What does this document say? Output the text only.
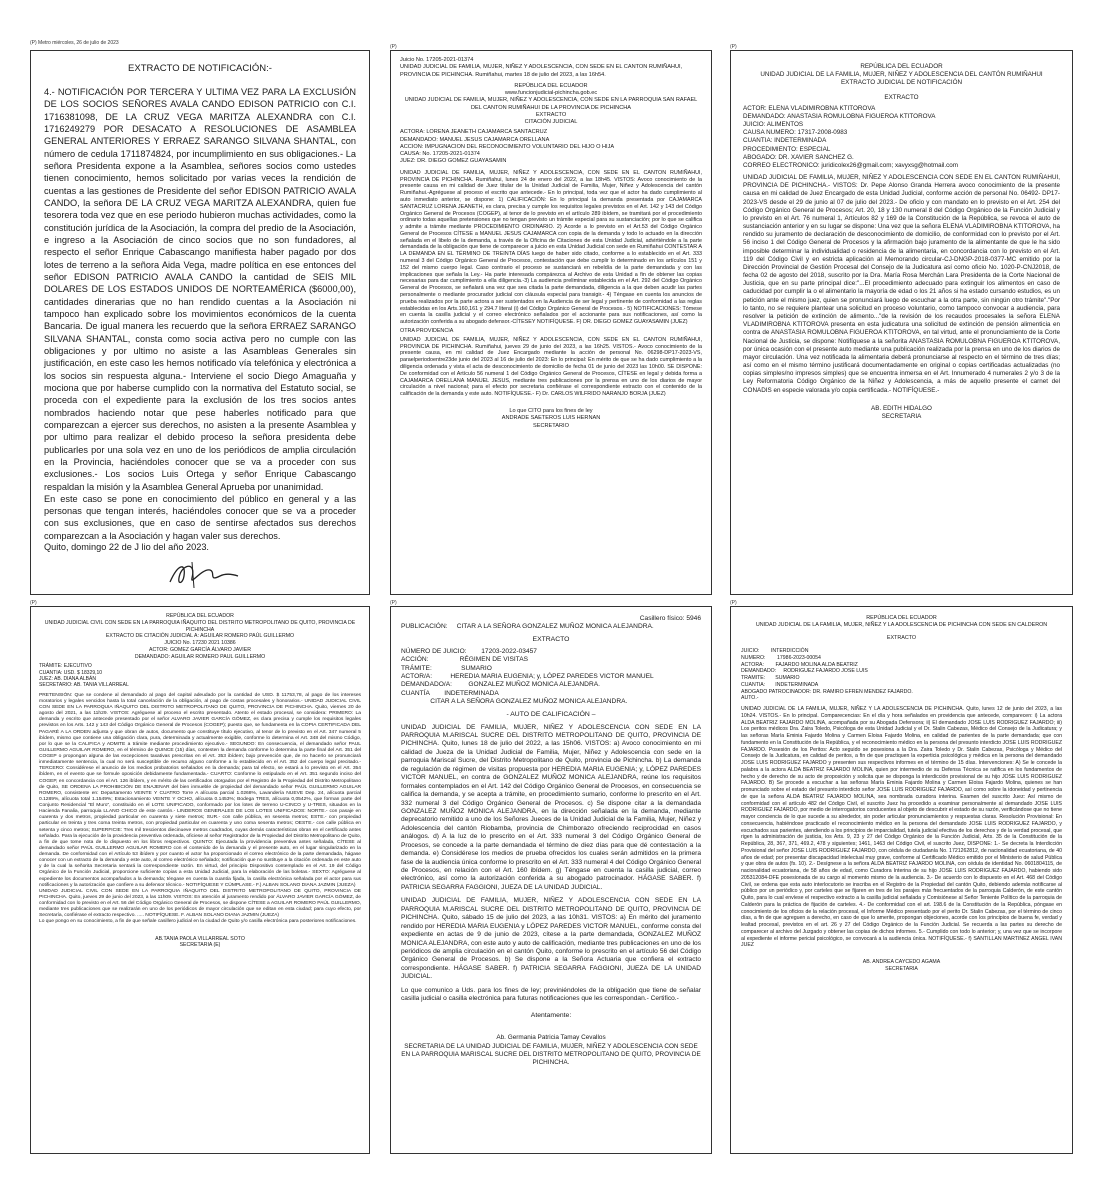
(P) Metro miércoles, 26 de julio de 2023
(P)	(P)
(P)	(P)	(P)
EXTRACTO DE NOTIFICACIÓN:-

4.- NOTIFICACIÓN POR TERCERA Y ULTIMA VEZ PARA LA EXCLUSIÓN DE LOS SOCIOS SEÑORES AVALA CANDO EDISON PATRICIO con C.I. 1716381098, DE LA CRUZ VEGA MARITZA ALEXANDRA con C.I. 1716249279 POR DESACATO A RESOLUCIONES DE ASAMBLEA GENERAL ANTERIORES Y ERRAEZ SARANGO SILVANA SHANTAL, con número de cedula 1711874824, por incumplimiento en sus obligaciones.- La señora Presidenta expone a la Asamblea, señores socios como ustedes tienen conocimiento, hemos solicitado por varias veces la rendición de cuentas a las gestiones de Presidente del señor EDISON PATRICIO AVALA CANDO, la señora DE LA CRUZ VEGA MARITZA ALEXANDRA, quien fue tesorera toda vez que en ese periodo hubieron muchas actividades, como la constitución jurídica de la Asociación, la compra del predio de la Asociación, e ingreso a la Asociación de cinco socios que no son fundadores, al respecto el señor Enrique Cabascango manifiesta haber pagado por dos lotes de terreno a la señora Aida Vega, madre política en ese entonces del señor EDISON PATRICIO AVALA CANDO la cantidad de SEIS MIL DOLARES DE LOS ESTADOS UNIDOS DE NORTEAMÉRICA ($6000,00), cantidades dinerarias que no han rendido cuentas a la Asociación ni tampoco han explicado sobre los movimientos económicos de la cuenta Bancaria. De igual manera les recuerdo que la señora ERRAEZ SARANGO SILVANA SHANTAL, consta como socia activa pero no cumple con las obligaciones y por ultimo no asiste a las Asambleas Generales sin justificación, en este caso les hemos notificado vía telefónica y electrónica a los socios sin respuesta alguna.- Interviene el socio Diego Amaguaña y mociona que por haberse cumplido con la normativa del Estatuto social, se proceda con el expediente para la exclusión de los tres socios antes nombrados haciendo notar que pese haberles notificado para que comparezcan a ejercer sus derechos, no asisten a la presente Asamblea y por ultimo para realizar el debido proceso la señora presidenta debe publicarles por una sola vez en uno de los periódicos de amplia circulación en la Provincia, haciéndoles conocer que se va a proceder con sus exclusiones.- Los socios Luis Ortega y señor Enrique Cabascango respaldan la misión y la Asamblea General Aprueba por unanimidad.
En este caso se pone en conocimiento del público en general y a las personas que tengan interés, haciéndoles conocer que se va a proceder con sus exclusiones, que en caso de sentirse afectados sus derechos comparezcan a la Asociación y hagan valer sus derechos.

Quito, domingo 22 de J lio del año 2023.

Juicio No. 17205-2021-01374
UNIDAD JUDICIAL DE FAMILIA, MUJER, NIÑEZ Y ADOLESCENCIA, CON SEDE EN EL CANTON RUMIÑAHUI, PROVINCIA DE PICHINCHA. Rumiñahui, martes 18 de julio del 2023, a las 16h54.
REPÚBLICA DEL ECUADOR
www.funcionjudicial-pichincha.gob.ec
UNIDAD JUDICIAL DE FAMILIA, MUJER, NIÑEZ Y ADOLESCENCIA, CON SEDE EN LA PARROQUIA SAN RAFAEL DEL CANTON RUMIÑAHUI DE LA PROVINCIA DE PICHINCHA
EXTRACTO
CITACIÓN JUDICIAL
ACTORA: LORENA JEANETH CAJAMARCA SANTACRUZ
DEMANDADO: MANUEL JESUS CAJAMARCA ORELLANA
ACCION: IMPUGNACION DEL RECONOCIMIENTO VOLUNTARIO DEL HIJO O HIJA
CAUSA: No. 17205-2021-01374
JUEZ: DR. DIEGO GOMEZ GUAYASAMIN

UNIDAD JUDICIAL DE FAMILIA, MUJER, NIÑEZ Y ADOLESCENCIA, CON SEDE EN EL CANTON RUMIÑAHUI, PROVINCIA DE PICHINCHA. Rumiñahui, lunes 24 de enero del 2022, a las 18h45. VISTOS: Avoco conocimiento de la presente causa en mi calidad de Juez titular de la Unidad Judicial de Familia, Mujer, Niñez y Adolescencia del cantón Rumiñahui.-Agréguese al proceso el escrito que antecede.- En lo principal, toda vez que el actor ha dado cumplimiento al auto inmediato anterior, se dispone: 1) CALIFICACIÓN: En lo principal la demanda presentada por CAJAMARCA SANTACRUZ LORENA JEANETH, es clara, precisa y cumple los requisitos legales previstos en el Art. 142 y 143 del Código Orgánico General de Procesos (COGEP), al tenor de lo previsto en el artículo 289 ibídem, se tramitará por el procedimiento ordinario todas aquellas pretensiones que no tengan previsto un trámite especial para su sustanciación; por lo que se califica y admite a trámite mediante PROCEDIMIENTO ORDINARIO. 2) Acorde a lo previsto en el Art.53 del Código Orgánico General de Procesos CÍTESE a MANUEL JESUS CAJAMARCA con copia de la demanda y todo lo actuado en la dirección señalada en el libelo de la demanda, a través de la Oficina de Citaciones de esta Unidad Judicial, advirtiéndole a la parte demandada de la obligación que tiene de comparecer a juicio en esta Unidad Judicial con sede en Rumiñahui CONTESTAR A LA DEMANDA EN EL TÉRMINO DE TREINTA DÍAS luego de haber sido citado, conforme a lo establecido en el Art. 333 numeral 3 del Código Orgánico General de Procesos, contestación que debe cumplir lo determinado en los artículos 151 y 152 del mismo cuerpo legal. Caso contrario el proceso se sustanciará en rebeldía de la parte demandada y con las implicaciones que señala la Ley.- Ha parte interesada compárezca al Archivo de esta Unidad a fin de obtener las copias necesarias para dar cumplimiento a ella diligencia.-3) La audiencia preliminar establecida en el Art. 292 del Código Orgánico General de Procesos, se señalará una vez que sea citada la parte demandada, diligencia a la que deben acudir las partes personalmente o mediante procurador judicial con cláusula especial para transigir.- 4) Téngase en cuenta los anuncios de prueba realizados por la parte actora a ser sustentados en la Audiencia de ser legal y pertinente de conformidad a las reglas establecidas en los Arts.160,161 y 294.7 literal (i) del Código Orgánico General de Procesos.- 5) NOTIFICACIONES: Tómese en cuenta la casilla judicial y el correo electrónico señalados por el accionante para sus notificaciones, así como la autorización conferida a su abogado defensor.-CÍTESEY NOTIFÍQUESE. F) DR. DIEGO GOMEZ GUAYASAMIN (JUEZ)

OTRA PROVIDENCIA

UNIDAD JUDICIAL DE FAMILIA, MUJER, NIÑEZ Y ADOLESCENCIA, CON SEDE EN EL CANTON RUMIÑAHUI, PROVINCIA DE PICHINCHA. Rumiñahui, jueves 29 de junio del 2023, a las 16h25. VISTOS.- Avoco conocimiento de la presente causa, en mi calidad de Juez Encargado mediante la acción de personal No. 06298-DP17-2023-VS, paraelperiodoentre23de junio del 2023 al 16 de julio del 2023: En lo principal: En mérito de que se ha dado cumplimiento a la diligencia ordenada y vista el acta de desconocimiento de domicilio de fecha 01 de junio del 2023 las 10h00. SE DISPONE: De conformidad con el Artículo 56 numeral 1 del Código Orgánico General de Procesos, CÍTESE en legal y debida forma a CAJAMARCA ORELLANA MANUEL JESUS, mediante tres publicaciones por la prensa en uno de los diarios de mayor circulación a nivel nacional; para el efecto por secretaria confiérase el correspondiente extracto con el contenido de la calificación de la demanda y este auto. NOTIFÍQUESE.- F) Dr. CARLOS WILFRIDO NARANJO BORJA (JUEZ)

Lo que CITO para los fines de ley
ANDRADE SAETEROS LUIS HERNAN
SECRETARIO
REPÚBLICA DEL ECUADOR
UNIDAD JUDICIAL DE LA FAMILIA, MUJER, NIÑEZ Y ADOLESCENCIA DEL CANTÓN RUMIÑAHUI
EXTRACTO JUDICIAL DE NOTIFICACIÓN
EXTRACTO
ACTOR: ELENA VLADIMIROBNA KTITOROVA
DEMANDADO: ANASTASIA ROMULOBNA FIGUEROA KTITOROVA
JUICIO: ALIMENTOS
CAUSA NUMERO: 17317-2008-0983
CUANTIA: INDETERMINADA
PROCEDIMIENTO: ESPECIAL
ABOGADO: DR. XAVIER SANCHEZ G.
CORREO ELECTRONICO: juridicolex26@gmail.com; xavyxsg@hotmail.com

UNIDAD JUDICIAL DE FAMILIA, MUJER, NIÑEZ Y ADOLESCENCIA CON SEDE EN EL CANTON RUMIÑAHUI, PROVINCIA DE PICHINCHA.- VISTOS: Dr. Pepe Alonso Granda Herrera avoco conocimiento de la presente causa en mi calidad de Juez Encargado de esta Unidad Judicial, conforme acción de personal No. 06492- DP17-2023-VS desde el 29 de junio al 07 de julio del 2023.- De oficio y con mandato en lo previsto en el Art. 254 del Código Orgánico General de Procesos; Art. 20, 18 y 130 numeral 8 del Código Orgánico de la Función Judicial y lo previsto en el Art. 76 numeral 1, Artículos 82 y 169 de la Constitución de la República, se revoca el auto de sustanciación anterior y en su lugar se dispone: Una vez que la señora ELENA VLADIMIROBNA KTITOROVA, ha rendido su juramento de declaración de desconocimiento de domicilio, de conformidad con lo previsto por el Art. 56 inciso 1 del Código General de Procesos y la afirmación bajo juramento de la alimentante de que le ha sido imposible determinar la individualidad o residencia de la alimentaria, en concordancia con lo previsto en el Art. 119 del Código Civil y en estricta aplicación al Memorando circular-CJ-DNGP-2018-0377-MC emitido por la Dirección Provincial de Gestión Procesal del Consejo de la Judicatura así como oficio No. 1020-P-CNJ2018, de fecha 02 de agosto del 2018, suscrito por la Dra. María Rosa Merchán Lara Presidenta de la Corte Nacional de Justicia, que en su parte principal dice:"...El procedimiento adecuado para extinguir los alimentos en caso de caducidad por cumplir la o el alimentario la mayoría de edad o los 21 años si ha estado cursando estudios, es un petición ante el mismo juez, quien se pronunciará luego de escuchar a la otra parte, sin ningún otro trámite"."Por lo tanto, no se requiere plantear una solicitud en proceso voluntario, como tampoco convocar a audiencia, para resolver la petición de extinción de alimento..."de la revisión de los recaudos procesales la señora ELENA VLADIMIROBNA KTITOROVA presenta en esta judicatura una solicitud de extinción de pensión alimenticia en contra de ANASTASIA ROMULOBNA FIGUEROA KTITOROVA, en tal virtud, ante el pronunciamiento de la Corte Nacional de Justicia, se dispone: Notifíquese a la señorita ANASTASIA ROMULOBNA FIGUEROA KTITOROVA, por única ocasión con el presente auto mediante una publicación realizada por la prensa en uno de los diarios de mayor circulación. Una vez notificada la alimentaria deberá pronunciarse al respecto en el término de tres días; así como en el mismo término justificará documentadamente en original o copias certificadas actualizadas (no copias simples/no impresos simples) que se encuentra inmersa en el Art. Innumerado 4 numerales 2 y/o 3 de la Ley Reformatoria Código Orgánico de la Niñez y Adolescencia, a más de aquello presente el carnet del CONADIS en especie valorada y/o copia certificada.- NOTIFÍQUESE.-

AB. EDITH HIDALGO
SECRETARIA
REPÚBLICA DEL ECUADOR
UNIDAD JUDICIAL CIVIL CON SEDE EN LA PARROQUIA IÑAQUITO DEL DISTRITO METROPOLITANO DE QUITO, PROVINCIA DE PICHINCHA
EXTRACTO DE CITACIÓN JUDICIAL A: AGUILAR ROMERO PAÚL GUILLERMO
JUICIO No. 17230 2021 10386
ACTOR: GOMEZ GARCÍA ÁLVARO JAVIER
DEMANDADO: AGUILAR ROMERO PAUL GUILLERMO
TRÁMITE: EJECUTIVO
CUANTIA: USD. $ 18329,10
JUEZ: AB. DIANA ALBÁN
SECRETARIO: AB. TANIA VILLARREAL

PRETENSIÓN: Que se condene al demandado al pago del capital adeudado por la cantidad de USD. $ 11753,78, al pago de los intereses moratorios y legales vencidos hasta la total cancelación de la obligación, al pago de costas procesales y honorarios.- UNIDAD JUDICIAL CIVIL CON SEDE EN LA PARROQUIA IÑAQUITO DEL DISTRITO METROPOLITANO DE QUITO, PROVINCIA DE PICHINCHA. Quito, viernes 20 de agosto del 2021, a las 11h29. VISTOS: Agréguese al proceso el escrito presentado. Atento el estado procesal, se considera: PRIMERO: La demanda y escrito que antecede presentado por el señor ALVARO JAVIER GARCÍA GÓMEZ, es clara precisa y cumple los requisitos legales previstos en los Arts. 142 y 143 del Código Orgánico General de Procesos (COGEP); puesto que, se fundamenta en la COPIA CERTIFICADA DEL PAGARÉ A LA ORDEN adjunta y que obran de autos, documento que constituye título ejecutivo, al tenor de lo previsto en el Art. 347 numeral 5 ibídem, mismo que contiene una obligación clara, pura, determinada y actualmente exigible, conforme lo determina el Art. 348 del mismo Código, por lo que se la CALIFICA y ADMITE a trámite mediante procedimiento ejecutivo.- SEGUNDO: En consecuencia, el demandado señor PAUL GUILLERMO AGUILAR ROMERO, en el término de QUINCE (15) días, contesten la demanda conforme lo determina la parte final del Art. 351 del COGEP o propongan alguna de las excepciones taxativas prescritas en el Art. 353 ibídem; bajo prevención que, de no hacerlo se pronunciará inmediatamente sentencia, la cual no será susceptible de recurso alguno conforme a lo establecido en el Art. 352 del cuerpo legal precitado.- TERCERO: Considérese el anuncio de los medios probatorios señalados en la demanda; para tal efecto, se estará a lo previsto en el Art. 354 ibídem, en el evento que se formule oposición debidamente fundamentada.- CUARTO: Conforme lo estipulado en el Art. 351 segundo inciso del COGEP, en concordancia con el Art. 126 ibídem, y en mérito de las certificados otorgados por el Registro de la Propiedad del Distrito Metropolitano de Quito, SE ORDENA LA PROHIBICIÓN DE ENAJENAR del bien inmueble de propiedad del demandado señor PAÚL GUILLERMO AGUILAR ROMERO, consistente en: Departamento VEINTE Y CUATRO Torre A alícuota parcial 1.0268%, Lavandería NUEVE Dep. 24, alícuota parcial 0.1289%, alícuota total 1.1549%; Estacionamiento VEINTE Y OCHO, alícuota 0.1453%; Bodega TRES, alícuota 0,0542%, que forman parte del Conjunto Residencial "El Muro", constituido en el LOTE UNIFICADO, conformado por los lotes de terreno U-CINCO y U-TRES, situados en la Hacienda Fanalia, parroquia LLANO CHICO de este cantón.- LINDEROS GENERALES DE LOS LOTES UNIFICADOS: NORTE.- con pasaje en cuarenta y dos metros, propiedad particular en cuarenta y siete metros; SUR.- con calle pública, en sesenta metros; ESTE.- con propiedad particular en treinta y tres coma treinta metros, con propiedad particular en cuarenta y uno coma sesenta metros; OESTE.- con calle pública en setenta y cinco metros; SUPERFICIE: Tres mil trescientos diecinueve metros cuadrados, cuyas demás características obran en el certificado antes señalado. Para la ejecución de la providencia preventiva ordenada, oficiese al señor Registrador de la Propiedad del Distrito Metropolitano de Quito, a fin de que tome nota de lo dispuesto en los libros respectivos. QUINTO: Ejecutada la providencia preventiva antes señalada, CÍTESE al demandado señor PAÚL GUILLERMO AGUILAR ROMERO con el contenido de la demanda y el presente auto, en el lugar singularizado en la demanda. De conformidad con el Artículo 53 ibídem y por cuanto el actor ha proporcionado el correo electrónico de la parte demandada, hágase conocer con un extracto de la demanda y este auto, al correo electrónico señalado; notificación que no sustituye a la citación ordenada en este auto y de la cual la señorita Secretaria sentará la correspondiente razón. En virtud, del principio Dispositivo contemplado en el Art. 19 del Código Orgánico de la Función Judicial, proporcione suficiente copias a esta Unidad Judicial, para la elaboración de las boletas.- SEXTO: Agréguese al expediente los documentos acompañados a la demanda; téngase en cuenta la cuantía fijada, la casilla electrónica señalada por el actor para sus notificaciones y la autorización que confiere a su defensor técnico.- NOTIFÍQUESE Y CÚMPLASE.- F.) ALBAN SOLANO DIANA JAZMIN (JUEZA)
UNIDAD JUDICIAL CIVIL CON SEDE EN LA PARROQUIA IÑAQUITO DEL DISTRITO METROPOLITANO DE QUITO, PROVINCIA DE PICHINCHA. Quito, jueves 29 de junio del 2023, a las 11h09. VISTOS: En atención al juramento rendido por ÁLVARO JAVIER GARCÍA GÓMEZ, de conformidad con lo previsto en el Art. 56 del Código Orgánico General de Procesos, se dispone CÍTESE a AGUILAR ROMERO PAÚL GUILLERMO, mediante tres publicaciones que se realizarán en uno de los periódicos de mayor circulación que se editan en esta ciudad; para cuyo efecto, por Secretaría, confiérase el extracto respectivo. ..... NOTIFÍQUESE. F. ALBAN SOLANO DIANA JAZMIN (JUEZA)
Lo que pongo en su conocimiento, a fin de que señale casillero judicial en la ciudad de Quito y/o casilla electrónica para posteriores notificaciones.

AB.TANIA PAOLA VILLARREAL SOTO
SECRETARIA (E)
Casillero físico: 5946
PUBLICACIÓN:     CITAR A LA SEÑORA GONZALEZ MUÑOZ MONICA ALEJANDRA.
EXTRACTO
NÚMERO DE JUICIO:        17203-2022-03457
ACCIÓN:                 RÉGIMEN DE VISITAS
TRÁMITE:                SUMARIO
ACTOR/A:          HEREDIA MARIA EUGENIA; y, LÓPEZ PAREDES VICTOR MANUEL
DEMANDADO/A:         GONZALEZ MUÑOZ MONICA ALEJANDRA.
CUANTÍA        INDETERMINADA
CITAR A LA SEÑORA GONZALEZ MUÑOZ MONICA ALEJANDRA.
- AUTO DE CALIFICACIÓN –

UNIDAD JUDICIAL DE FAMILIA, MUJER, NIÑEZ Y ADOLESCENCIA CON SEDE EN LA PARROQUIA M.ARISCAL SUCRE DEL DISTRITO METROPOLITANO DE QUITO, PROVINCIA DE PICHINCHA. Quito, lunes 18 de julio del 2022, a las 15h06. VISTOS: a) Avoco conocimiento en mi calidad de Jueza de la Unidad Judicial de Familia, Mujer, Niñez y Adolescencia con sede en la parroquia Mariscal Sucre, del Distrito Metropolitano de Quito, provincia de Pichincha. b) La demanda de regulación de régimen de visitas propuesta por HEREDIA MARIA EUGENIA; y, LÓPEZ PAREDES VICTOR MANUEL, en contra de GONZALEZ MUÑOZ MONICA ALEJANDRA, reúne los requisitos formales contemplados en el Art. 142 del Código Orgánico General de Procesos, en consecuencia se califica la demanda, y se acepta a trámite, en procedimiento sumario, conforme lo prescrito en el Art. 332 numeral 3 del Código Orgánico General de Procesos. c) Se dispone citar a la demandada GONZALEZ MUÑOZ MONICA ALEJANDRA, en la dirección señalada en la demanda, mediante deprecatorio remitido a uno de los Señores Jueces de la Unidad Judicial de la Familia, Mujer, Niñez y Adolescencia del cantón Riobamba, provincia de Chimborazo ofreciendo reciprocidad en casos análogos. d) A la luz de lo prescrito en el Art. 333 numeral 3 del Código Orgánico General de Procesos, se concede a la parte demandada el término de diez días para que dé contestación a la demanda. e) Considérese los medios de prueba ofrecidos los cuales serán admitidos en la primera fase de la audiencia única conforme lo prescrito en el Art. 333 numeral 4 del Código Orgánico General de Procesos, en relación con el Art. 160 ibídem. g) Téngase en cuenta la casilla judicial, correo electrónico, así como la autorización conferida a su abogado patrocinador. HÁGASE SABER. f) PATRICIA SEGARRA FAGGIONI, JUEZA DE LA UNIDAD JUDICIAL.

UNIDAD JUDICIAL DE FAMILIA, MUJER, NIÑEZ Y ADOLESCENCIA CON SEDE EN LA PARROQUIA M.ARISCAL SUCRE DEL DISTRITO METROPOLITANO DE QUITO, PROVINCIA DE PICHINCHA. Quito, sábado 15 de julio del 2023, a las 10h31. VISTOS: a) En mérito del juramento rendido por HEREDIA MARIA EUGENIA y LÓPEZ PAREDES VICTOR MANUEL, conforme consta del expediente en actas de 9 de junio de 2023, cítese a la parte demandada, GONZALEZ MUÑOZ MONICA ALEJANDRA, con este auto y auto de calificación, mediante tres publicaciones en uno de los periódicos de amplia circulación en el cantón Quito, conforme lo prescrito en el artículo 56 del Código Orgánico General de Procesos. b) Se dispone a la Señora Actuaria que confiera el extracto correspondiente. HÁGASE SABER. f) PATRICIA SEGARRA FAGGIONI, JUEZA DE LA UNIDAD JUDICIAL.

Lo que comunico a Uds. para los fines de ley; previniéndoles de la obligación que tiene de señalar casilla judicial o casilla electrónica para futuras notificaciones que les correspondan.- Certifico.-

Atentamente:
Ab. Germania Patricia Tamay Cevallos
SECRETARIA DE LA UNIDAD JUDICIAL DE FAMILIA, MUJER, NIÑEZ Y ADOLESCENCIA CON SEDE EN LA PARROQUIA MARISCAL SUCRE DEL DISTRITO METROPOLITANO DE QUITO, PROVINCIA DE PICHINCHA.
REPÚBLICA DEL ECUADOR
UNIDAD JUDICIAL DE LA FAMILIA, MUJER, NIÑEZ Y LA ADOLESCENCIA DE PICHINCHA CON SEDE EN CALDERON
EXTRACTO
JUICIO:        INTERDICCIÓN
NUMERO:        17986-2023-00054
ACTORA:        FAJARDO MOLINA ALDA BEATRIZ
DEMANDADO:     RODRIGUEZ FAJARDO JOSE LUIS
TRAMITE:       SUMARIO
CUANTIA:       INDETERMINADA
ABOGADO PATROCINADOR: DR. RAMIRO EFREN MENDEZ FAJARDO.
AUTO.-

UNIDAD JUDICIAL DE LA FAMILIA, MUJER, NIÑEZ Y LA ADOLESCENCIA DE PICHINCHA. Quito, lunes 12 de junio del 2023, a las 10h24. VISTOS.- En lo principal. Comparecencias: En el día y hora señalados en providencia que antecede, comparecen: i) La actora ALDA BEATRIZ FAJARDO MOLINA, acompañada por su Abogada Defensora; ii) El demandado JOSE LUIS RODRIGUEZ FAJARDO; iii) Los peritos médicos Dra. Zaira Toledo, Psicóloga de esta Unidad Judicial y el Dr. Stalin Cabezas, Médico del Consejo de la Judicatura; y las señoras María Eminia Fajardo Molina y Carmen Eloisa Fajardo Molina, en calidad de parientes de la parte demandada; que con fundamento en la Constitución de la República, y el reconocimiento médico en la persona del presunto interdicto JOSE LUIS RODRIGUEZ FAJARDO. Posesión de los Peritos: Acto seguido se posesiona a la Dra. Zaira Toledo y Dr. Stalin Cabezas, Psicóloga y Médico del Consejo de la Judicatura, en calidad de peritos, a fin de que practiquen la experticia psicológica y médica en la persona del demandado JOSE LUIS RODRIGUEZ FAJARDO y presenten sus respectivos informes en el término de 15 días. Intervenciones: A) Se le concede la palabra a la actora ALDA BEATRIZ FAJARDO MOLINA, quien por intermedio de su Defensa Técnica se ratifica en los fundamentos de hecho y de derecho de su acto de proposición y solicita que se disponga la interdicción provisional de su hijo JOSE LUIS RODRIGUEZ FAJARDO. B) Se procede a escuchar a las señoras María Eminia Fajardo Molina y Carmen Eloisa Fajardo Molina, quienes se han pronunciado sobre el estado del presunto interdicto señor JOSE LUIS RODRIGUEZ FAJARDO, así como sobre la idoneidad y pertinencia de que la señora ALDA BEATRIZ FAJARDO MOLINA, sea nombrada curadora interina. Examen del suscrito Juez: Así mismo de conformidad con el artículo 482 del Código Civil, el suscrito Juez ha procedido a examinar personalmente al demandado JOSE LUIS RODRIGUEZ FAJARDO, por medio de interrogatorios conducentes al objeto de descubrir el estado de su razón, verificándose que no tiene mayor conciencia de lo que sucede a su alrededor, sin poder articular pronunciamientos y respuestas claras. Resolución Provisional: En consecuencia, habiéndose practicado el reconocimiento médico en la persona del demandado JOSE LUIS RODRIGUEZ FAJARDO, y escuchados sus parientes, atendiendo a los principios de imparcialidad, tutela judicial efectiva de los derechos y de la verdad procesal, que rigen la administración de justicia, los Arts. 9, 23 y 27 del Código Orgánico de la Función Judicial, Arts. 35 de la Constitución de la República, 28, 367, 371, 469.2, 478 y siguientes; 1461, 1463 del Código Civil, el suscrito Juez, DISPONE: 1.- Se decreta la Interdicción Provisional del señor JOSE LUIS RODRIGUEZ FAJARDO, con cédula de ciudadanía No. 1721262812, de nacionalidad ecuatoriana, de 40 años de edad; por presentar discapacidad intelectual muy grave, conforme al Certificado Médico emitido por el Ministerio de salud Pública y que obra de autos (fs. 10). 2.- Desígnese a la señora ALDA BEATRIZ FAJARDO MOLINA, con cédula de identidad No. 0601804115, de nacionalidad ecuatoriana, de 58 años de edad, como Curadora Interina de su hijo JOSE LUIS RODRIGUEZ FAJARDO, habiendo sido 205312084-DFE posesionada de su cargo al momento mismo de la audiencia. 3.- De acuerdo con lo dispuesto en el Art. 468 del Código Civil, se ordena que esta auto interlocutorio se inscriba en el Registro de la Propiedad del cantón Quito, debiendo además notificarse al público por un periódico y, por carteles que se fijaren en tres de los parajes más frecuentados de la parroquia Calderón, de este cantón Quito, para lo cual envíese el respectivo extracto a la casilla judicial señalada y Comisiónese al Señor Teniente Político de la parroquia de Calderón para la práctica de fijación de carteles. 4.- De conformidad con el art. 198.6 de la Constitución de la República, póngase en conocimiento de los oficios de la relación procesal, el Informe Médico presentado por el perito Dr. Stalin Cabezas, por el término de cinco días, a fin de que agreguen a derecho, en caso de que lo amerite, propongan objeciones, acorde con los principios de buena fe, verdad y lealtad procesal, previstos en el art. 26 y 27 del Código Orgánico de la Función Judicial. Se recuerda a las partes su derecho de comparecer al archivo del Juzgado y obtener las copias de dichos informes. 5.- Cumplido con todo lo anterior; y, una vez que se incorpore al expediente el informe pericial psicológico, se convocará a la audiencia única. NOTIFÍQUESE.- f) SANTILLAN MARTINEZ ANGEL IVAN JUEZ

AB. ANDREA CAYCEDO AGAMA
SECRETARIA
